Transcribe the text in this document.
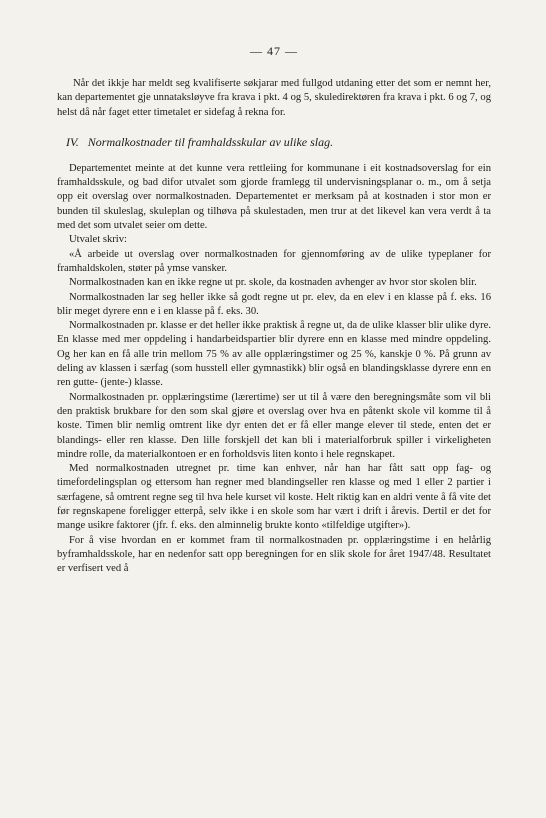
— 47 —

Når det ikkje har meldt seg kvalifiserte søkjarar med fullgod utdaning etter det som er nemnt her, kan departementet gje unnataksløyve fra krava i pkt. 4 og 5, skuledirektøren fra krava i pkt. 6 og 7, og helst då når faget etter timetalet er sidefag å rekna for.

IV. Normalkostnader til framhaldsskular av ulike slag.

Departementet meinte at det kunne vera rettleiing for kommunane i eit kostnadsoverslag for ein framhaldsskule, og bad difor utvalet som gjorde framlegg til undervisningsplanar o. m., om å setja opp eit overslag over normalkostnaden. Departementet er merksam på at kostnaden i stor mon er bunden til skuleslag, skuleplan og tilhøva på skulestaden, men trur at det likevel kan vera verdt å ta med det som utvalet seier om dette.

Utvalet skriv:

«Å arbeide ut overslag over normalkostnaden for gjennomføring av de ulike typeplaner for framhaldskolen, støter på ymse vansker.

Normalkostnaden kan en ikke regne ut pr. skole, da kostnaden avhenger av hvor stor skolen blir.

Normalkostnaden lar seg heller ikke så godt regne ut pr. elev, da en elev i en klasse på f. eks. 16 blir meget dyrere enn e i en klasse på f. eks. 30.

Normalkostnaden pr. klasse er det heller ikke praktisk å regne ut, da de ulike klasser blir ulike dyre. En klasse med mer oppdeling i handarbeidspartier blir dyrere enn en klasse med mindre oppdeling. Og her kan en få alle trin mellom 75 % av alle opplæringstimer og 25 %, kanskje 0 %. På grunn av deling av klassen i særfag (som husstell eller gymnastikk) blir også en blandingsklasse dyrere enn en ren gutte- (jente-) klasse.

Normalkostnaden pr. opplæringstime (lærertime) ser ut til å være den beregningsmåte som vil bli den praktisk brukbare for den som skal gjøre et overslag over hva en påtenkt skole vil komme til å koste. Timen blir nemlig omtrent like dyr enten det er få eller mange elever til stede, enten det er blandings- eller ren klasse. Den lille forskjell det kan bli i materialforbruk spiller i virkeligheten mindre rolle, da materialkontoen er en forholdsvis liten konto i hele regnskapet.

Med normalkostnaden utregnet pr. time kan enhver, når han har fått satt opp fag- og timefordelingsplan og ettersom han regner med blandingseller ren klasse og med 1 eller 2 partier i særfagene, så omtrent regne seg til hva hele kurset vil koste. Helt riktig kan en aldri vente å få vite det før regnskapene foreligger etterpå, selv ikke i en skole som har vært i drift i årevis. Dertil er det for mange usikre faktorer (jfr. f. eks. den alminnelig brukte konto «tilfeldige utgifter»).

For å vise hvordan en er kommet fram til normalkostnaden pr. opplæringstime i en helårlig byframhaldsskole, har en nedenfor satt opp beregningen for en slik skole for året 1947/48. Resultatet er verfisert ved å
